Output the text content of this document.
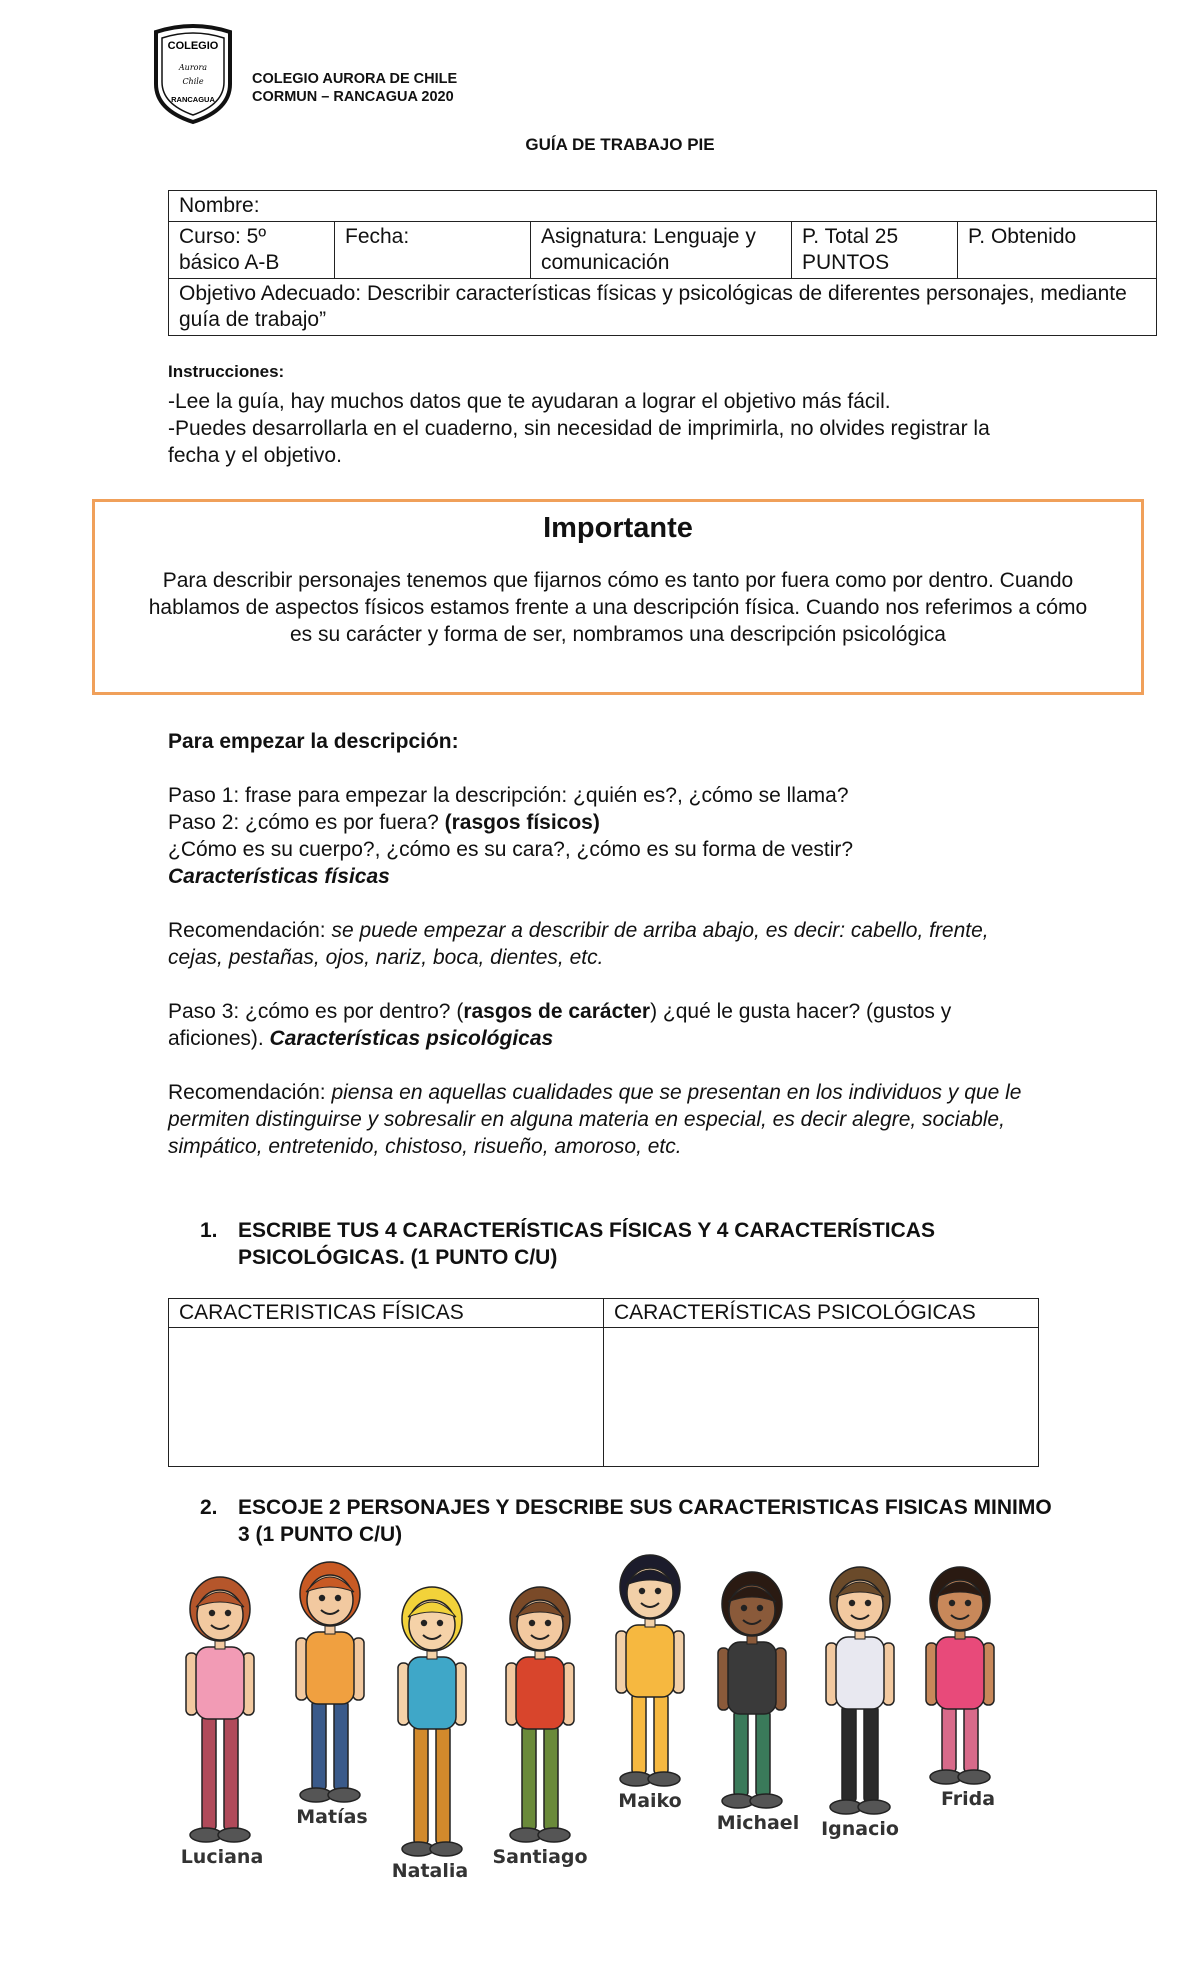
COLEGIO
Aurora
Chile
RANCAGUA
COLEGIO AURORA DE CHILE
CORMUN – RANCAGUA 2020
GUÍA DE TRABAJO PIE
Nombre:
Curso: 5º básico A-B	Fecha:	Asignatura: Lenguaje y comunicación	P. Total 25 PUNTOS	P. Obtenido
Objetivo Adecuado: Describir características físicas y psicológicas de diferentes personajes, mediante guía de trabajo”
Instrucciones:
-Lee la guía, hay muchos datos que te ayudaran a lograr el objetivo más fácil.
-Puedes desarrollarla en el cuaderno, sin necesidad de imprimirla, no olvides registrar la fecha y el objetivo.
Importante

Para describir personajes tenemos que fijarnos cómo es tanto por fuera como por dentro. Cuando hablamos de aspectos físicos estamos frente a una descripción física. Cuando nos referimos a cómo es su carácter y forma de ser, nombramos una descripción psicológica

Para empezar la descripción:

Paso 1: frase para empezar la descripción: ¿quién es?, ¿cómo se llama?
Paso 2: ¿cómo es por fuera? (rasgos físicos)
¿Cómo es su cuerpo?, ¿cómo es su cara?, ¿cómo es su forma de vestir?
Características físicas

Recomendación: se puede empezar a describir de arriba abajo, es decir: cabello, frente, cejas, pestañas, ojos, nariz, boca, dientes, etc.

Paso 3: ¿cómo es por dentro? (rasgos de carácter) ¿qué le gusta hacer? (gustos y aficiones). Características psicológicas

Recomendación: piensa en aquellas cualidades que se presentan en los individuos y que le permiten distinguirse y sobresalir en alguna materia en especial, es decir alegre, sociable, simpático, entretenido, chistoso, risueño, amoroso, etc.

1. ESCRIBE TUS 4 CARACTERÍSTICAS FÍSICAS Y 4 CARACTERÍSTICAS PSICOLÓGICAS. (1 PUNTO C/U)
CARACTERISTICAS FÍSICAS	CARACTERÍSTICAS PSICOLÓGICAS

2. ESCOJE 2 PERSONAJES Y DESCRIBE SUS CARACTERISTICAS FISICAS MINIMO 3 (1 PUNTO C/U)
Luciana
Matías
Natalia
Santiago
Maiko
Michael Ignacio
Frida
